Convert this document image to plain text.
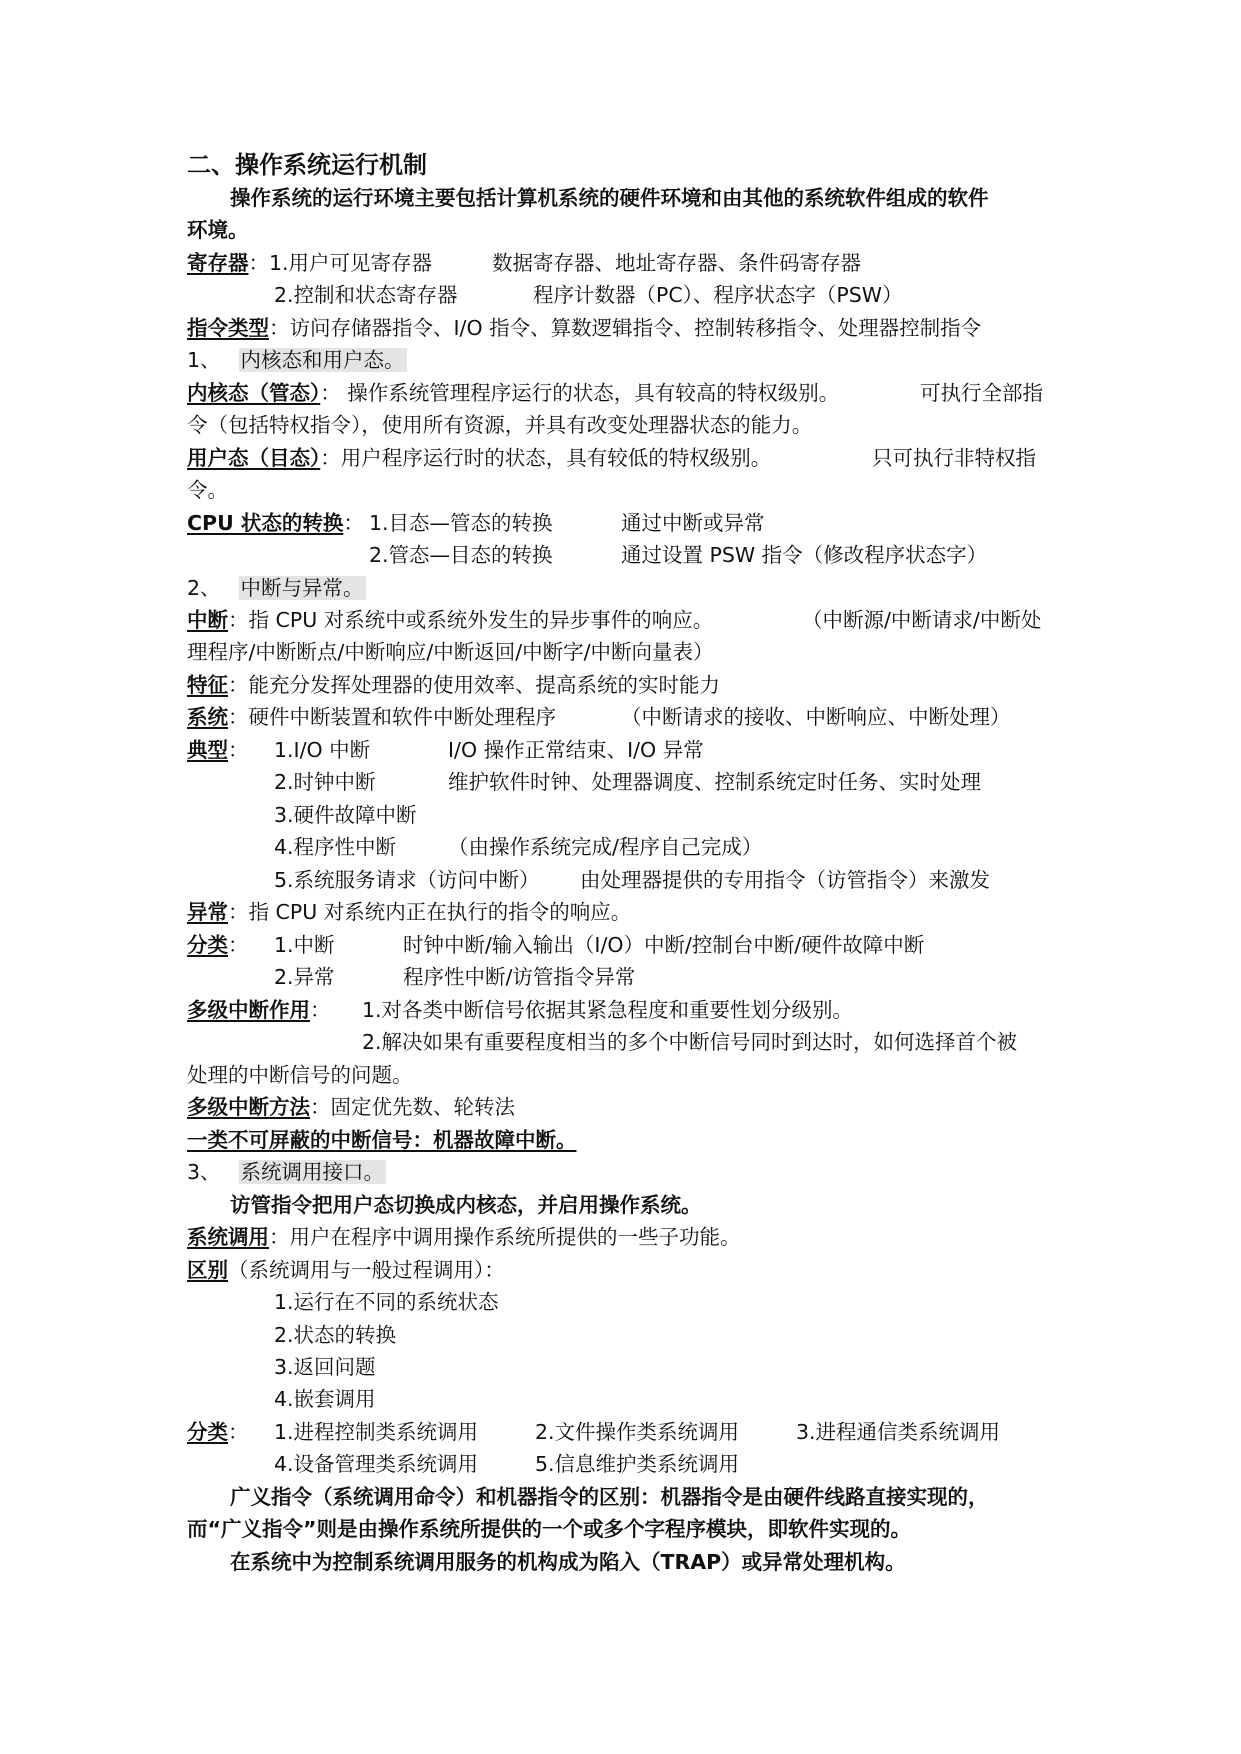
二、操作系统运行机制
操作系统的运行环境主要包括计算机系统的硬件环境和由其他的系统软件组成的软件
环境。
寄存器：1.用户可见寄存器	数据寄存器、地址寄存器、条件码寄存器
2.控制和状态寄存器	程序计数器（PC）、程序状态字（PSW）
指令类型：访问存储器指令、I/O 指令、算数逻辑指令、控制转移指令、处理器控制指令
1、 内核态和用户态。
内核态（管态）： 操作系统管理程序运行的状态，具有较高的特权级别。	可执行全部指
令（包括特权指令），使用所有资源，并具有改变处理器状态的能力。
用户态（目态）：用户程序运行时的状态，具有较低的特权级别。	只可执行非特权指
令。
CPU 状态的转换： 1.目态—管态的转换	通过中断或异常
2.管态—目态的转换	通过设置 PSW 指令（修改程序状态字）
2、 中断与异常。
中断：指 CPU 对系统中或系统外发生的异步事件的响应。	（中断源/中断请求/中断处
理程序/中断断点/中断响应/中断返回/中断字/中断向量表）
特征：能充分发挥处理器的使用效率、提高系统的实时能力
系统：硬件中断装置和软件中断处理程序	（中断请求的接收、中断响应、中断处理）
典型： 1.I/O 中断	I/O 操作正常结束、I/O 异常
2.时钟中断	维护软件时钟、处理器调度、控制系统定时任务、实时处理
3.硬件故障中断
4.程序性中断	（由操作系统完成/程序自己完成）
5.系统服务请求（访问中断） 由处理器提供的专用指令（访管指令）来激发
异常：指 CPU 对系统内正在执行的指令的响应。
分类： 1.中断	时钟中断/输入输出（I/O）中断/控制台中断/硬件故障中断
2.异常	程序性中断/访管指令异常
多级中断作用： 1.对各类中断信号依据其紧急程度和重要性划分级别。
2.解决如果有重要程度相当的多个中断信号同时到达时，如何选择首个被
处理的中断信号的问题。
多级中断方法：固定优先数、轮转法
一类不可屏蔽的中断信号：机器故障中断。
3、 系统调用接口。
访管指令把用户态切换成内核态，并启用操作系统。
系统调用：用户在程序中调用操作系统所提供的一些子功能。
区别（系统调用与一般过程调用）：
1.运行在不同的系统状态
2.状态的转换
3.返回问题
4.嵌套调用
分类： 1.进程控制类系统调用	2.文件操作类系统调用	3.进程通信类系统调用
4.设备管理类系统调用	5.信息维护类系统调用
广义指令（系统调用命令）和机器指令的区别：机器指令是由硬件线路直接实现的，
而“广义指令”则是由操作系统所提供的一个或多个字程序模块，即软件实现的。
在系统中为控制系统调用服务的机构成为陷入（TRAP）或异常处理机构。
